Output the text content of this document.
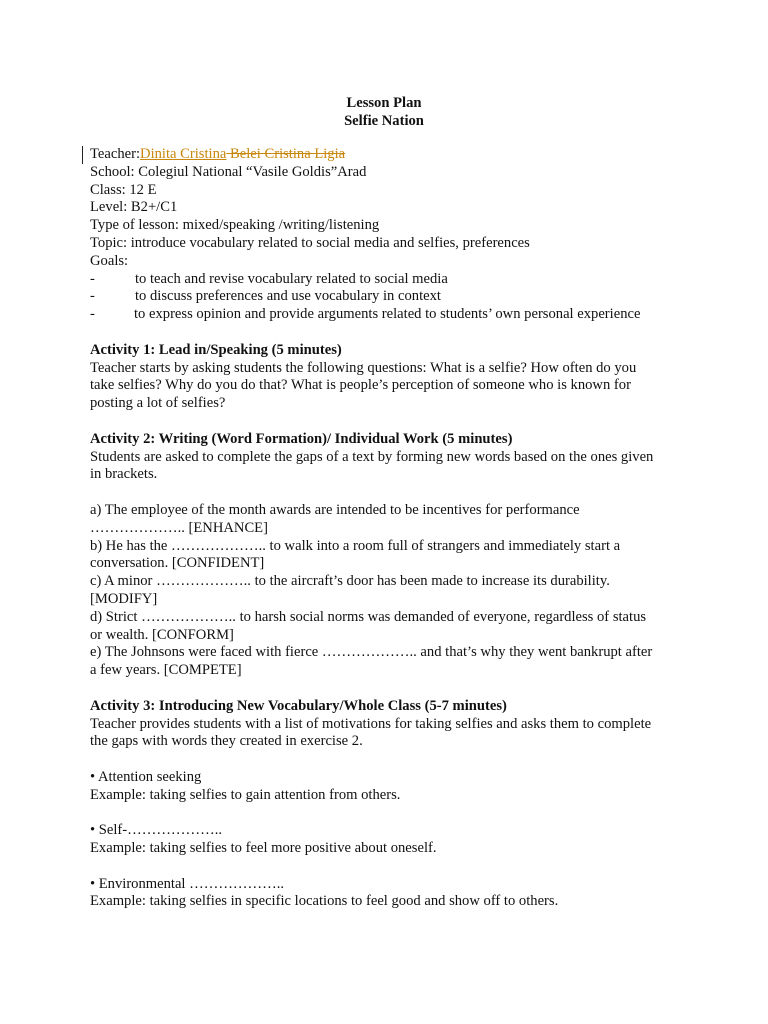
Lesson Plan
Selfie Nation
Teacher:Dinita Cristina Belei Cristina Ligia
School: Colegiul National “Vasile Goldis”Arad
Class: 12 E
Level: B2+/C1
Type of lesson: mixed/speaking /writing/listening
Topic: introduce vocabulary related to social media and selfies, preferences
Goals:
-	to teach and revise vocabulary related to social media
-	to discuss preferences and use vocabulary in context
-	to express opinion and provide arguments related to students’ own personal experience
Activity 1: Lead in/Speaking (5 minutes)
Teacher starts by asking students the following questions: What is a selfie? How often do you
take selfies? Why do you do that? What is people’s perception of someone who is known for
posting a lot of selfies?
Activity 2: Writing (Word Formation)/ Individual Work (5 minutes)
Students are asked to complete the gaps of a text by forming new words based on the ones given
in brackets.
a) The employee of the month awards are intended to be incentives for performance
……………….. [ENHANCE]
b) He has the ……………….. to walk into a room full of strangers and immediately start a
conversation. [CONFIDENT]
c) A minor ……………….. to the aircraft’s door has been made to increase its durability.
[MODIFY]
d) Strict ……………….. to harsh social norms was demanded of everyone, regardless of status
or wealth. [CONFORM]
e) The Johnsons were faced with fierce ……………….. and that’s why they went bankrupt after
a few years. [COMPETE]
Activity 3: Introducing New Vocabulary/Whole Class (5-7 minutes)
Teacher provides students with a list of motivations for taking selfies and asks them to complete
the gaps with words they created in exercise 2.
• Attention seeking
Example: taking selfies to gain attention from others.
• Self-………………..
Example: taking selfies to feel more positive about oneself.
• Environmental ………………..
Example: taking selfies in specific locations to feel good and show off to others.
